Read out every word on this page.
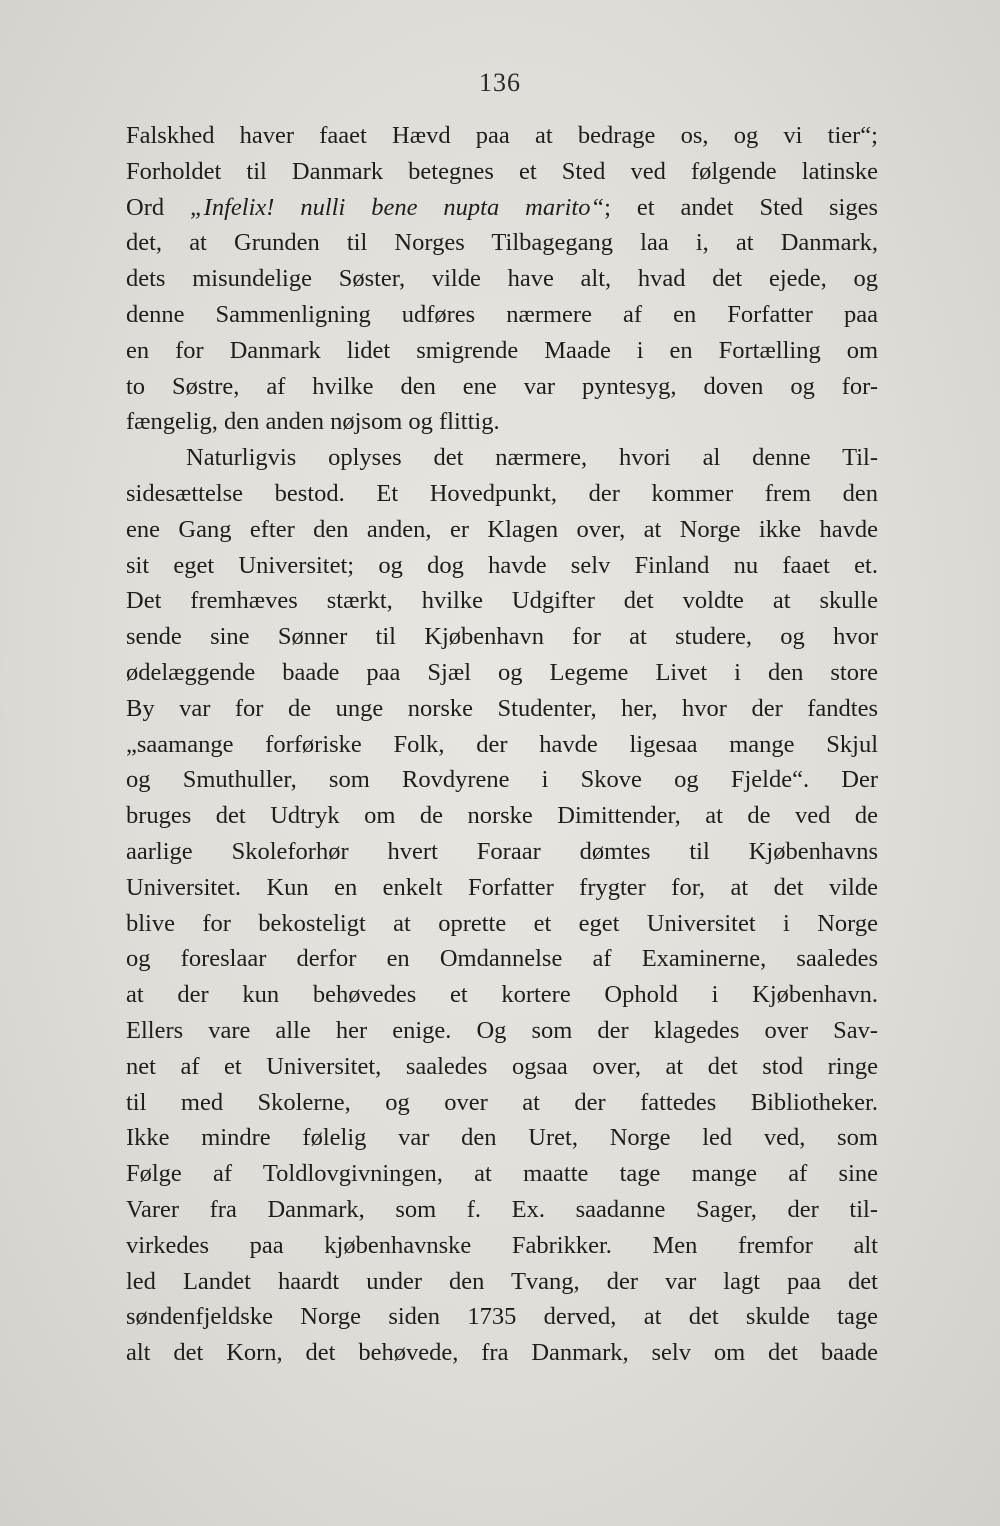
136
Falskhed haver faaet Hævd paa at bedrage os, og vi tier“;
Forholdet til Danmark betegnes et Sted ved følgende latinske
Ord „Infelix! nulli bene nupta marito“; et andet Sted siges
det, at Grunden til Norges Tilbagegang laa i, at Danmark,
dets misundelige Søster, vilde have alt, hvad det ejede, og
denne Sammenligning udføres nærmere af en Forfatter paa
en for Danmark lidet smigrende Maade i en Fortælling om
to Søstre, af hvilke den ene var pyntesyg, doven og for-
fængelig, den anden nøjsom og flittig.
Naturligvis oplyses det nærmere, hvori al denne Til-
sidesættelse bestod. Et Hovedpunkt, der kommer frem den
ene Gang efter den anden, er Klagen over, at Norge ikke havde
sit eget Universitet; og dog havde selv Finland nu faaet et.
Det fremhæves stærkt, hvilke Udgifter det voldte at skulle
sende sine Sønner til Kjøbenhavn for at studere, og hvor
ødelæggende baade paa Sjæl og Legeme Livet i den store
By var for de unge norske Studenter, her, hvor der fandtes
„saamange forføriske Folk, der havde ligesaa mange Skjul
og Smuthuller, som Rovdyrene i Skove og Fjelde“. Der
bruges det Udtryk om de norske Dimittender, at de ved de
aarlige Skoleforhør hvert Foraar dømtes til Kjøbenhavns
Universitet. Kun en enkelt Forfatter frygter for, at det vilde
blive for bekosteligt at oprette et eget Universitet i Norge
og foreslaar derfor en Omdannelse af Examinerne, saaledes
at der kun behøvedes et kortere Ophold i Kjøbenhavn.
Ellers vare alle her enige. Og som der klagedes over Sav-
net af et Universitet, saaledes ogsaa over, at det stod ringe
til med Skolerne, og over at der fattedes Bibliotheker.
Ikke mindre følelig var den Uret, Norge led ved, som
Følge af Toldlovgivningen, at maatte tage mange af sine
Varer fra Danmark, som f. Ex. saadanne Sager, der til-
virkedes paa kjøbenhavnske Fabrikker. Men fremfor alt
led Landet haardt under den Tvang, der var lagt paa det
søndenfjeldske Norge siden 1735 derved, at det skulde tage
alt det Korn, det behøvede, fra Danmark, selv om det baade
